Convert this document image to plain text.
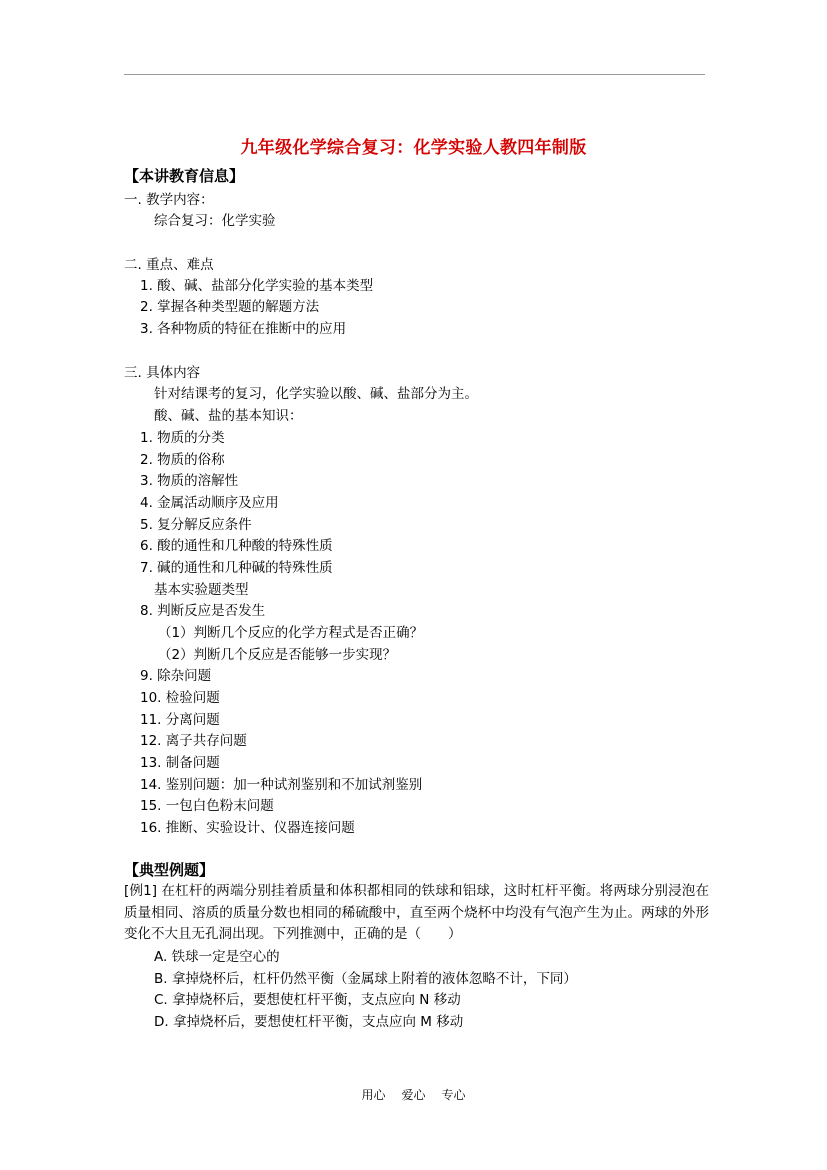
九年级化学综合复习：化学实验人教四年制版
【本讲教育信息】
一. 教学内容：
综合复习：化学实验
二. 重点、难点
1. 酸、碱、盐部分化学实验的基本类型
2. 掌握各种类型题的解题方法
3. 各种物质的特征在推断中的应用
三. 具体内容
针对结课考的复习，化学实验以酸、碱、盐部分为主。
酸、碱、盐的基本知识：
1. 物质的分类
2. 物质的俗称
3. 物质的溶解性
4. 金属活动顺序及应用
5. 复分解反应条件
6. 酸的通性和几种酸的特殊性质
7. 碱的通性和几种碱的特殊性质
基本实验题类型
8. 判断反应是否发生
（1）判断几个反应的化学方程式是否正确？
（2）判断几个反应是否能够一步实现？
9. 除杂问题
10. 检验问题
11. 分离问题
12. 离子共存问题
13. 制备问题
14. 鉴别问题：加一种试剂鉴别和不加试剂鉴别
15. 一包白色粉末问题
16. 推断、实验设计、仪器连接问题
【典型例题】
[例1] 在杠杆的两端分别挂着质量和体积都相同的铁球和铝球，这时杠杆平衡。将两球分别浸泡在质量相同、溶质的质量分数也相同的稀硫酸中，直至两个烧杯中均没有气泡产生为止。两球的外形变化不大且无孔洞出现。下列推测中，正确的是（　　）
A. 铁球一定是空心的
B. 拿掉烧杯后，杠杆仍然平衡（金属球上附着的液体忽略不计，下同）
C. 拿掉烧杯后，要想使杠杆平衡，支点应向 N 移动
D. 拿掉烧杯后，要想使杠杆平衡，支点应向 M 移动
用心 爱心 专心
